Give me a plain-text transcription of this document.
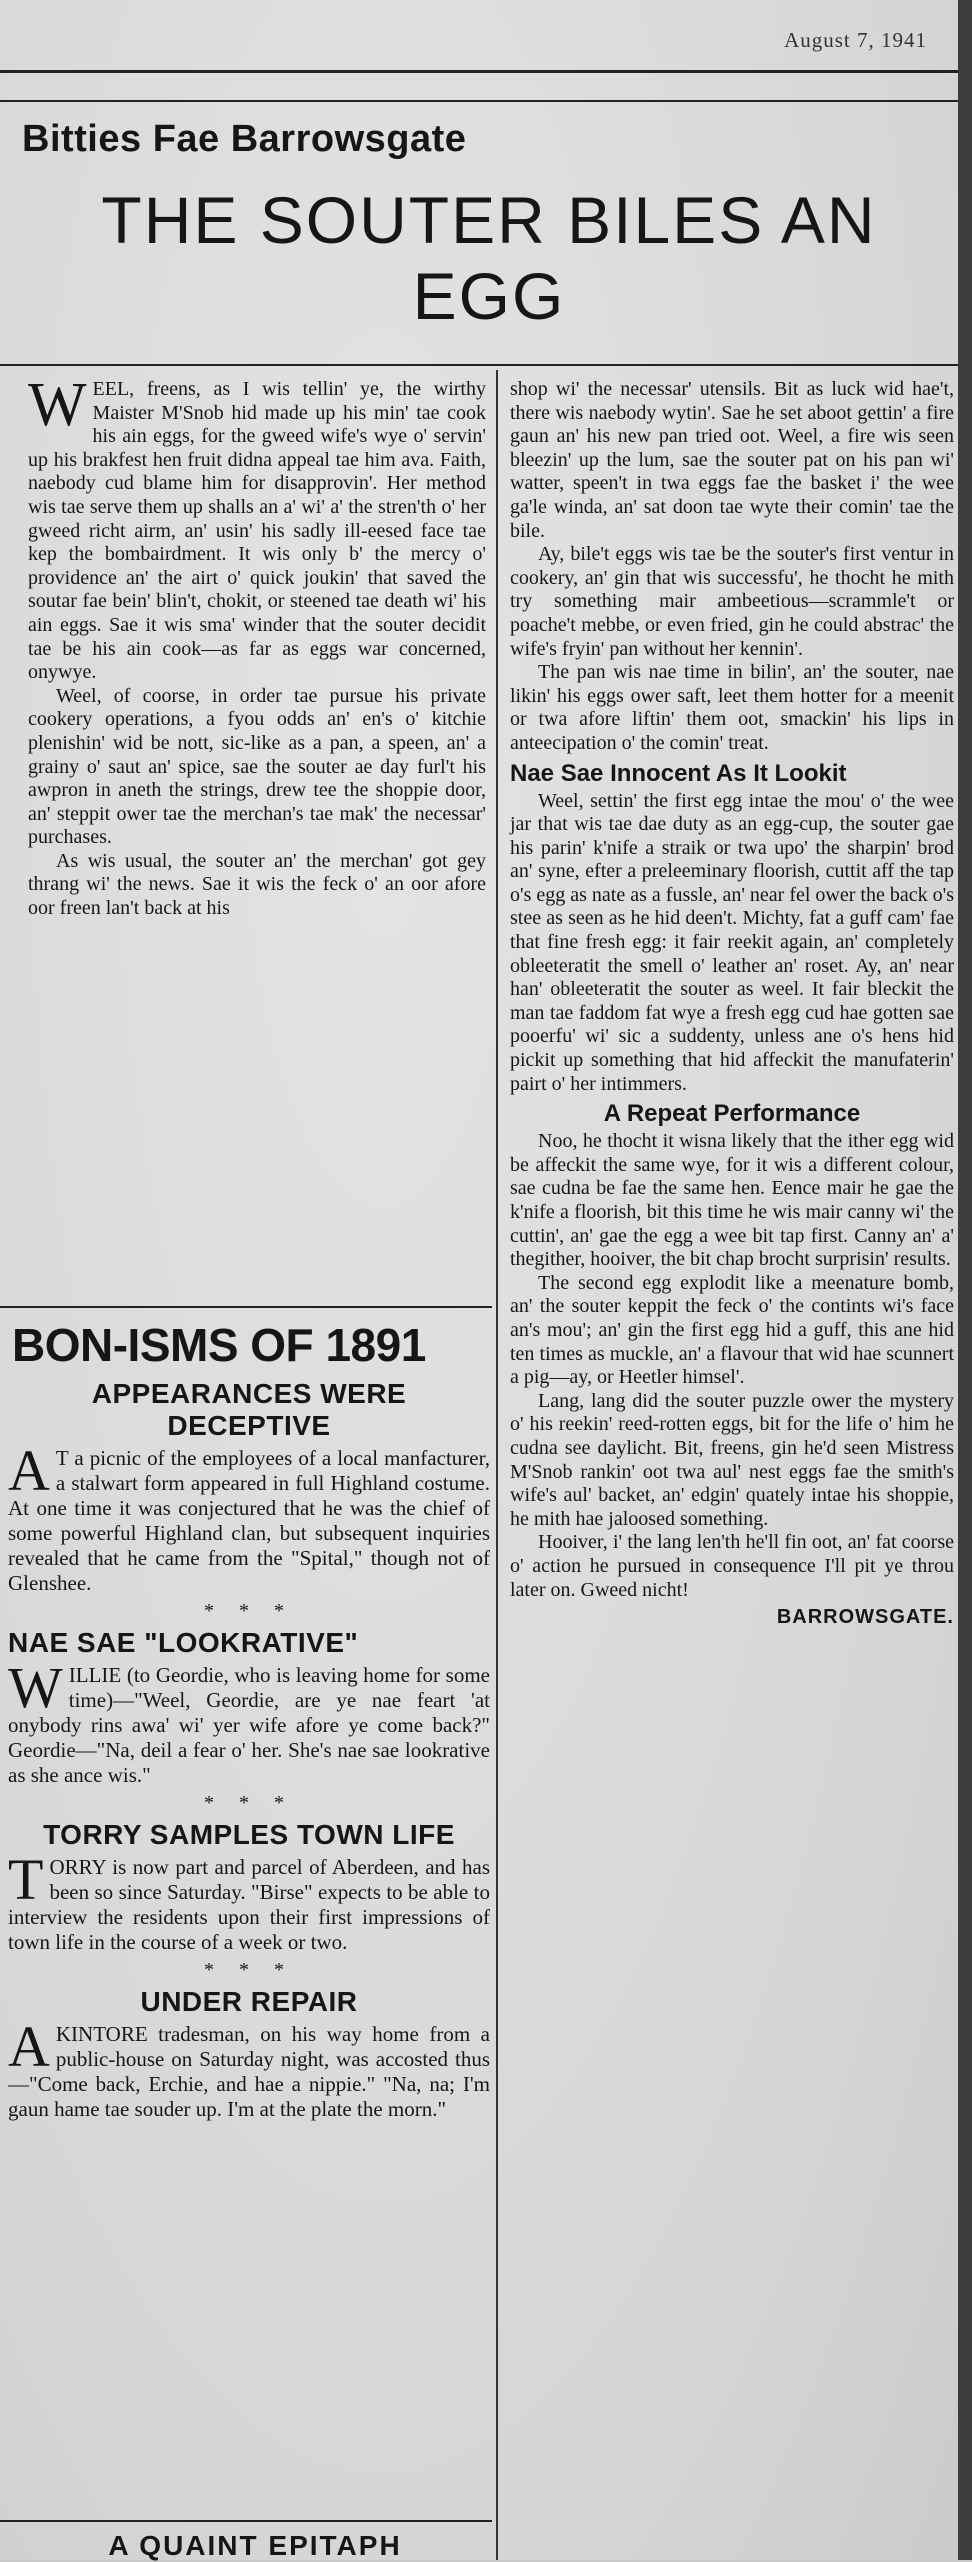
August 7, 1941
Bitties Fae Barrowsgate
THE SOUTER BILES AN EGG

WEEL, freens, as I wis tellin' ye, the wirthy Maister M'Snob hid made up his min' tae cook his ain eggs, for the gweed wife's wye o' servin' up his brakfest hen fruit didna appeal tae him ava. Faith, naebody cud blame him for disapprovin'. Her method wis tae serve them up shalls an a' wi' a' the stren'th o' her gweed richt airm, an' usin' his sadly ill-eesed face tae kep the bombairdment. It wis only b' the mercy o' providence an' the airt o' quick joukin' that saved the soutar fae bein' blin't, chokit, or steened tae death wi' his ain eggs. Sae it wis sma' winder that the souter decidit tae be his ain cook—as far as eggs war concerned, onywye.

Weel, of coorse, in order tae pursue his private cookery operations, a fyou odds an' en's o' kitchie plenishin' wid be nott, sic-like as a pan, a speen, an' a grainy o' saut an' spice, sae the souter ae day furl't his awpron in aneth the strings, drew tee the shoppie door, an' steppit ower tae the merchan's tae mak' the necessar' purchases.

As wis usual, the souter an' the merchan' got gey thrang wi' the news. Sae it wis the feck o' an oor afore oor freen lan't back at his

BON-ISMS OF 1891
APPEARANCES WERE DECEPTIVE

A T a picnic of the employees of a local manfacturer, a stalwart form appeared in full Highland costume. At one time it was conjectured that he was the chief of some powerful Highland clan, but subsequent inquiries revealed that he came from the "Spital," though not of Glenshee.

* * *
NAE SAE "LOOKRATIVE"

WILLIE (to Geordie, who is leaving home for some time)—"Weel, Geordie, are ye nae feart 'at onybody rins awa' wi' yer wife afore ye come back?" Geordie—"Na, deil a fear o' her. She's nae sae lookrative as she ance wis."

* * *
TORRY SAMPLES TOWN LIFE

TORRY is now part and parcel of Aberdeen, and has been so since Saturday. "Birse" expects to be able to interview the residents upon their first impressions of town life in the course of a week or two.

* * *
UNDER REPAIR

AKINTORE tradesman, on his way home from a public-house on Saturday night, was accosted thus—"Come back, Erchie, and hae a nippie." "Na, na; I'm gaun hame tae souder up. I'm at the plate the morn."

A QUAINT EPITAPH

shop wi' the necessar' utensils. Bit as luck wid hae't, there wis naebody wytin'. Sae he set aboot gettin' a fire gaun an' his new pan tried oot. Weel, a fire wis seen bleezin' up the lum, sae the souter pat on his pan wi' watter, speen't in twa eggs fae the basket i' the wee ga'le winda, an' sat doon tae wyte their comin' tae the bile.

Ay, bile't eggs wis tae be the souter's first ventur in cookery, an' gin that wis successfu', he thocht he mith try something mair ambeetious—scrammle't or poache't mebbe, or even fried, gin he could abstrac' the wife's fryin' pan without her kennin'.

The pan wis nae time in bilin', an' the souter, nae likin' his eggs ower saft, leet them hotter for a meenit or twa afore liftin' them oot, smackin' his lips in anteecipation o' the comin' treat.

Nae Sae Innocent As It Lookit

Weel, settin' the first egg intae the mou' o' the wee jar that wis tae dae duty as an egg-cup, the souter gae his parin' k'nife a straik or twa upo' the sharpin' brod an' syne, efter a preleeminary floorish, cuttit aff the tap o's egg as nate as a fussle, an' near fel ower the back o's stee as seen as he hid deen't. Michty, fat a guff cam' fae that fine fresh egg: it fair reekit again, an' completely obleeteratit the smell o' leather an' roset. Ay, an' near han' obleeteratit the souter as weel. It fair bleckit the man tae faddom fat wye a fresh egg cud hae gotten sae pooerfu' wi' sic a suddenty, unless ane o's hens hid pickit up something that hid affeckit the manufaterin' pairt o' her intimmers.

A Repeat Performance

Noo, he thocht it wisna likely that the ither egg wid be affeckit the same wye, for it wis a different colour, sae cudna be fae the same hen. Eence mair he gae the k'nife a floorish, bit this time he wis mair canny wi' the cuttin', an' gae the egg a wee bit tap first. Canny an' a' thegither, hooiver, the bit chap brocht surprisin' results.

The second egg explodit like a meenature bomb, an' the souter keppit the feck o' the contints wi's face an's mou'; an' gin the first egg hid a guff, this ane hid ten times as muckle, an' a flavour that wid hae scunnert a pig—ay, or Heetler himsel'.

Lang, lang did the souter puzzle ower the mystery o' his reekin' reed-rotten eggs, bit for the life o' him he cudna see daylicht. Bit, freens, gin he'd seen Mistress M'Snob rankin' oot twa aul' nest eggs fae the smith's wife's aul' backet, an' edgin' quately intae his shoppie, he mith hae jaloosed something.

Hooiver, i' the lang len'th he'll fin oot, an' fat coorse o' action he pursued in consequence I'll pit ye throu later on. Gweed nicht!

BARROWSGATE.
